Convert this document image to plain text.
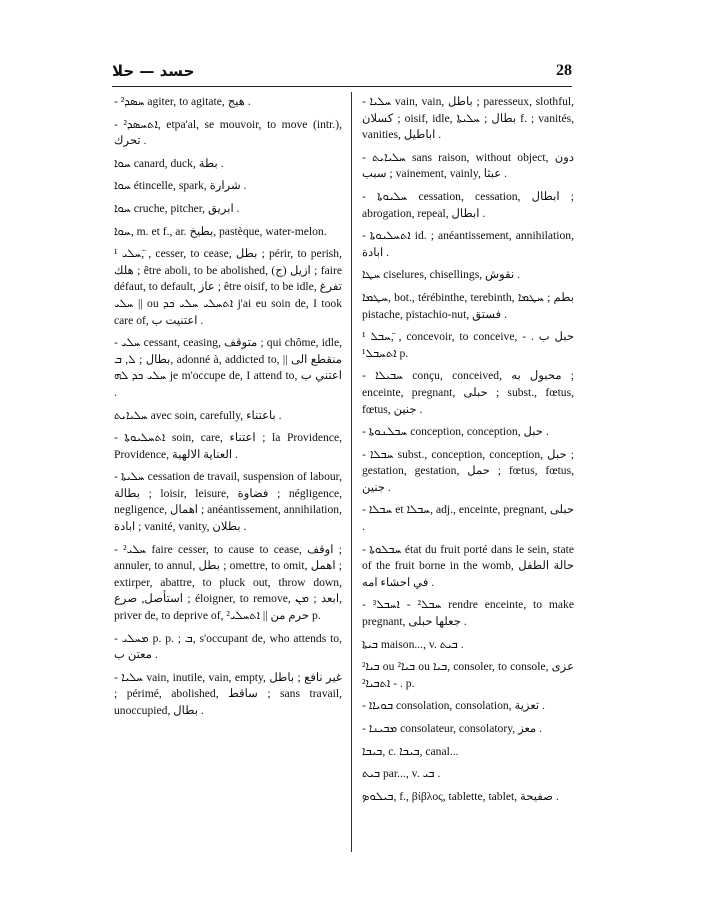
حسد — حلا	28

- ܚܣܕ² agiter, to agitate, هيج .

- ܐܬܚܣܕ², etpa'al, se mouvoir, to move (intr.), تحرك .

ܚܘܐ canard, duck, بطة .

ܚܘܐ étincelle, spark, شرارة .

ܚܘܐ cruche, pitcher, ابريق .

ܚܘܐ, m. et f., ar. بطيخ, pastèque, water-melon.

¹ ܚܠܝ, ̈, cesser, to cease, بطل ; périr, to perish, هلك ; être aboli, to be abolished, (ج) ازيل ; faire défaut, to default, عاز ; être oisif, to be idle, تفرغ || ܚܠܝ ou ܐܬܚܠܝ ܚܠܝ ܟܕ j'ai eu soin de, I took care of, اعتنيت ب .

- ܚܠܝ cessant, ceasing, متوقف ; qui chôme, idle, بطال ; ܠ, ܒ, adonné à, addicted to, منقطع الى || ܚܠܝ ܟܕ ܠܗ je m'occupe de, I attend to, اعتني ب .

ܚܠܝܐܝܬ avec soin, carefully, باعتناء .

- ܐܬܚܠܝܘܬܐ soin, care, اعتناء ; la Providence, Providence, العناية الالهية .

- ܚܠܝܬܐ cessation de travail, suspension of labour, بطالة ; loisir, leisure, فضاوة ; négligence, negligence, اهمال ; anéantissement, annihilation, ابادة ; vanité, vanity, بطلان .

- ܚܠܝ² faire cesser, to cause to cease, اوقف ; annuler, to annul, بطل ; omettre, to omit, اهمل ; extirper, abattre, to pluck out, throw down, استأصل, صرع ; éloigner, to remove, ابعد ; ܡܢ, priver de, to deprive of, حرم من || ܐܬܚܠܝ² p.

- ܡܚܠܝ p. p. ; ܒ, s'occupant de, who attends to, معتن ب .

- ܚܠܝܐ vain, inutile, vain, empty, غير نافع ; باطل ; périmé, abolished, ساقط ; sans travail, unoccupied, بطال .

- ܚܠܝܐ vain, vain, باطل ; paresseux, slothful, كسلان ; oisif, idle, بطال ; ܚܠܝܬܐ f. ; vanités, vanities, اباطيل .

- ܚܠܝܐܝܬ sans raison, without object, دون سبب ; vainement, vainly, عبثا .

- ܚܠܝܘܬܐ cessation, cessation, ابطال ; abrogation, repeal, ابطال .

- ܐܬܚܠܝܘܬܐ id. ; anéantissement, annihilation, ابادة .

ܚܛܐ ciselures, chisellings, نقوش .

ܚܛܡܐ, bot., térébinthe, terebinth, بطم ; ܚܛܡܐ pistache, pistachio-nut, فستق .

¹ ܚܒܠ, ̈, concevoir, to conceive, حبل ب . - ܐܬܚܒܠ¹ p.

- ܚܒܝܠܐ conçu, conceived, محبول به ; enceinte, pregnant, حبلى ; subst., fœtus, fœtus, جنين .

- ܚܒܠܢܘܬܐ conception, conception, حبل .

- ܚܒܠܐ subst., conception, conception, حبل ; gestation, gestation, حمل ; fœtus, fœtus, جنين .

- ܚܒܠܐ et ܚܒܠܐ, adj., enceinte, pregnant, حبلى .

- ܚܒܠܘܬܐ état du fruit porté dans le sein, state of the fruit borne in the womb, حالة الطفل في احشاء امه .

- ܚܒܠ² - ܐܚܒܠ³ rendre enceinte, to make pregnant, جعلها حبلى .

ܒܝܬܐ maison..., v. ܒܝܬ .

ܒܝܐ² ou ܒܝܐ² ou ܒܝܐ, consoler, to console, عزى . - ܐܬܒܝܐ² p.

- ܒܘܝܐܐ consolation, consolation, تعزية .

- ܡܒܝܢܐ consolateur, consolatory, معز .

ܒܝܒܐ, c. ܒܝܒܐ, canal...

ܒܝܬ par..., v. ܒܝ .

ܒܝܠܘܤ, f., βίβλος, tablette, tablet, صفيحة .
